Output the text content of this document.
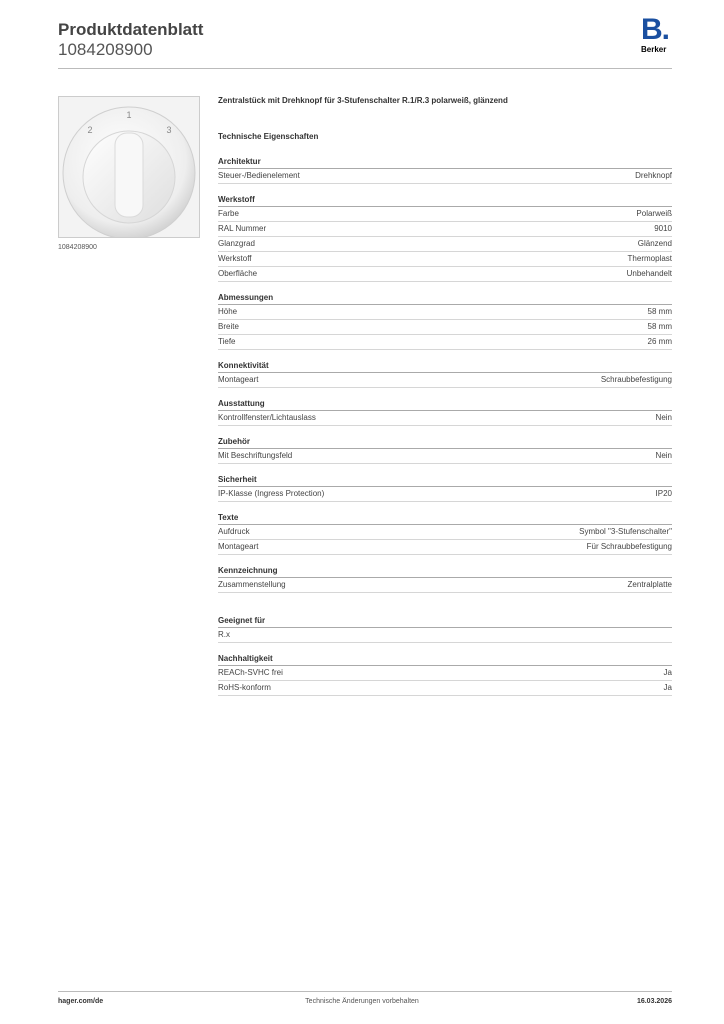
Produktdatenblatt
1084208900
B.
Berker
1
2	3
1084208900
Zentralstück mit Drehknopf für 3-Stufenschalter R.1/R.3 polarweiß, glänzend
Technische Eigenschaften
Architektur
Steuer-/Bedienelement	Drehknopf
Werkstoff
Farbe	Polarweiß
RAL Nummer	9010
Glanzgrad	Glänzend
Werkstoff	Thermoplast
Oberfläche	Unbehandelt
Abmessungen
Höhe	58 mm
Breite	58 mm
Tiefe	26 mm
Konnektivität
Montageart	Schraubbefestigung
Ausstattung
Kontrollfenster/Lichtauslass	Nein
Zubehör
Mit Beschriftungsfeld	Nein
Sicherheit
IP-Klasse (Ingress Protection)	IP20
Texte
Aufdruck	Symbol "3-Stufenschalter"
Montageart	Für Schraubbefestigung
Kennzeichnung
Zusammenstellung	Zentralplatte
Geeignet für
R.x
Nachhaltigkeit
REACh-SVHC frei	Ja
RoHS-konform	Ja
hager.com/de	Technische Änderungen vorbehalten	16.03.2026
